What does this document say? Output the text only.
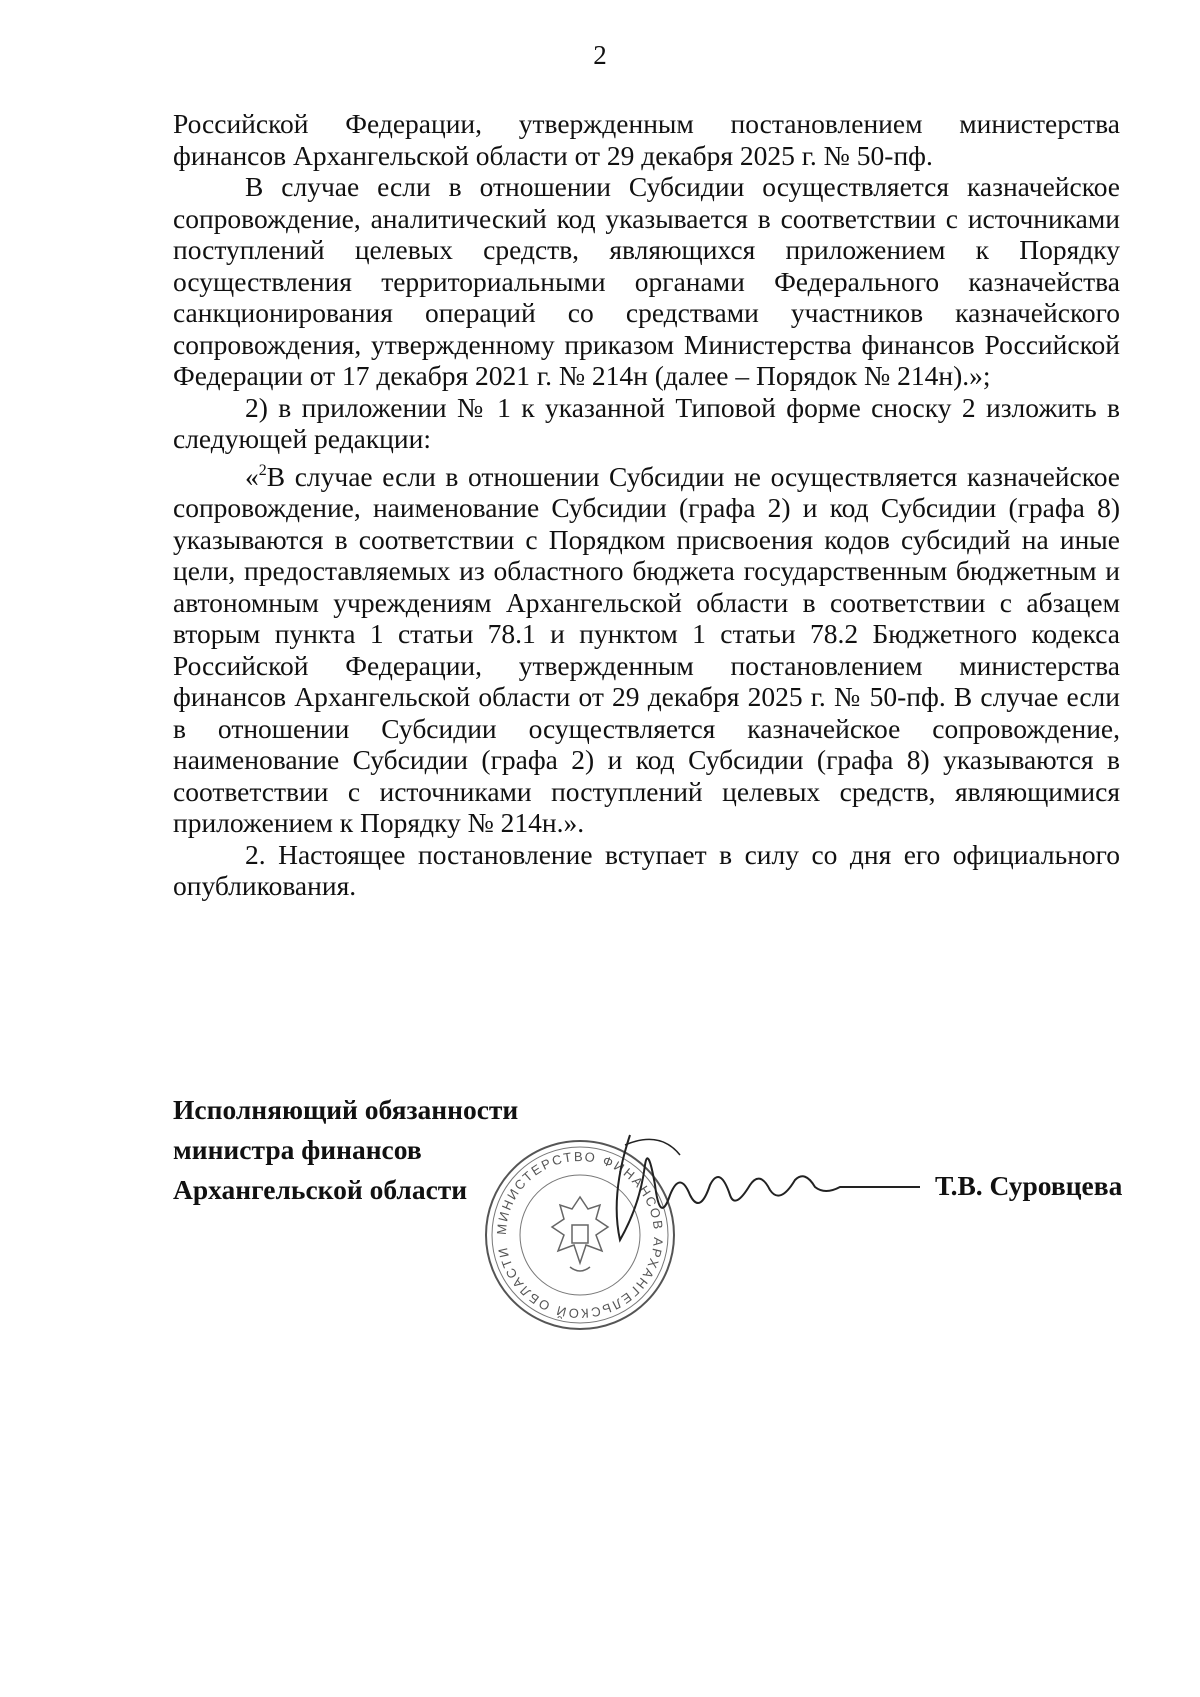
2

Российской Федерации, утвержденным постановлением министерства финансов Архангельской области от 29 декабря 2025 г. № 50-пф.

В случае если в отношении Субсидии осуществляется казначейское сопровождение, аналитический код указывается в соответствии с источниками поступлений целевых средств, являющихся приложением к Порядку осуществления территориальными органами Федерального казначейства санкционирования операций со средствами участников казначейского сопровождения, утвержденному приказом Министерства финансов Российской Федерации от 17 декабря 2021 г. № 214н (далее – Порядок № 214н).»;

2) в приложении № 1 к указанной Типовой форме сноску 2 изложить в следующей редакции:

«$^2$В случае если в отношении Субсидии не осуществляется казначейское сопровождение, наименование Субсидии (графа 2) и код Субсидии (графа 8) указываются в соответствии с Порядком присвоения кодов субсидий на иные цели, предоставляемых из областного бюджета государственным бюджетным и автономным учреждениям Архангельской области в соответствии с абзацем вторым пункта 1 статьи 78.1 и пунктом 1 статьи 78.2 Бюджетного кодекса Российской Федерации, утвержденным постановлением министерства финансов Архангельской области от 29 декабря 2025 г. № 50-пф. В случае если в отношении Субсидии осуществляется казначейское сопровождение, наименование Субсидии (графа 2) и код Субсидии (графа 8) указываются в соответствии с источниками поступлений целевых средств, являющимися приложением к Порядку № 214н.».

2. Настоящее постановление вступает в силу со дня его официального опубликования.

Исполняющий обязанности
министра финансов
Архангельской области
МИНИСТЕРСТВО ФИНАНСОВ АРХАНГЕЛЬСКОЙ ОБЛАСТИ
Т.В. Суровцева
